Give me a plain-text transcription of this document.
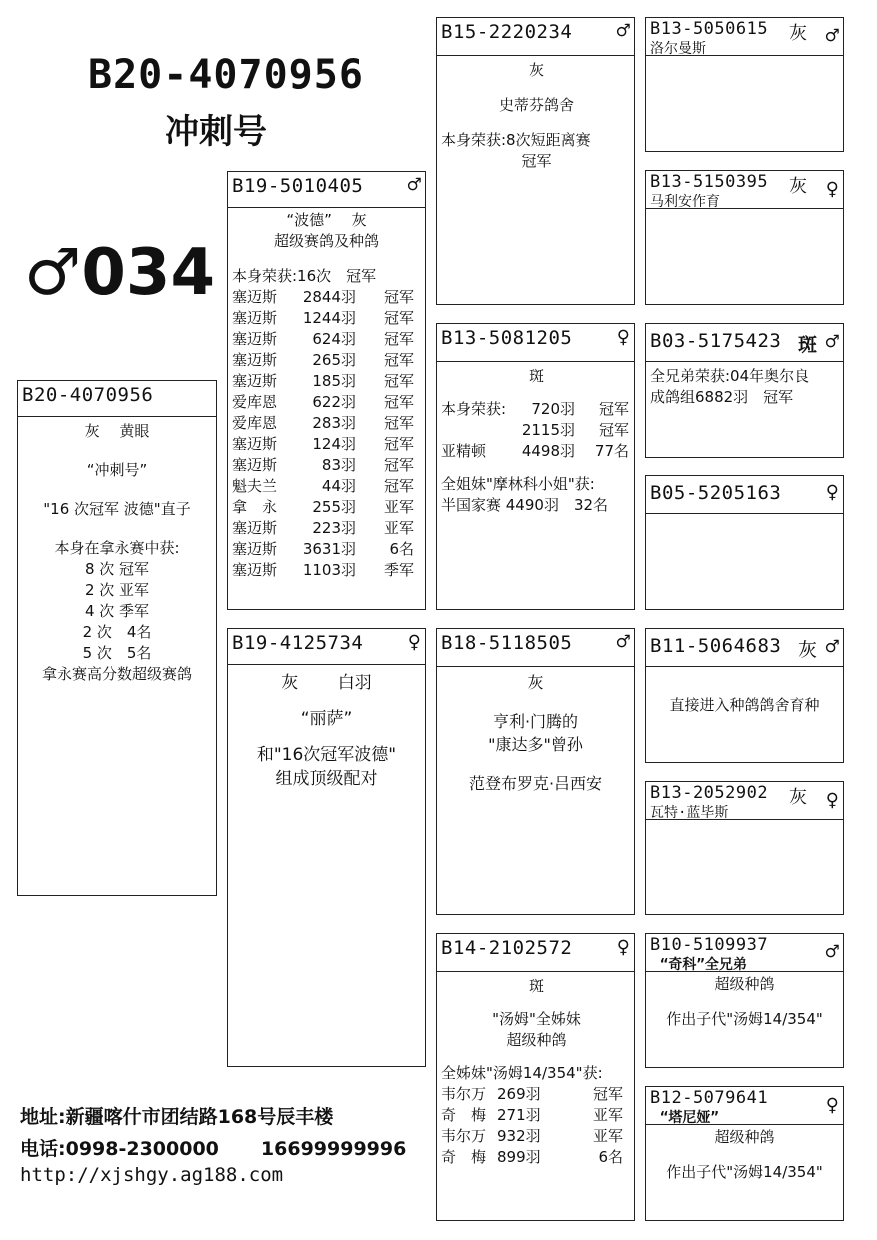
B20-4070956
冲刺号
♂034
B20-4070956
灰　 黄眼
“冲刺号”
"16 次冠军 波德"直子
本身在拿永赛中获:
8 次 冠军
2 次 亚军
4 次 季军
2 次　4名
5 次　5名
拿永赛高分数超级赛鸽
B19-5010405 ♂
“波德”　 灰
超级赛鸽及种鸽
本身荣获:16次　冠军
塞迈斯	2844羽	冠军
塞迈斯	1244羽	冠军
塞迈斯	624羽	冠军
塞迈斯	265羽	冠军
塞迈斯	185羽	冠军
爱库恩	622羽	冠军
爱库恩	283羽	冠军
塞迈斯	124羽	冠军
塞迈斯	83羽	冠军
魁夫兰	44羽	冠军
拿　永	255羽	亚军
塞迈斯	223羽	亚军
塞迈斯	3631羽	6名
塞迈斯	1103羽	季军
B19-4125734 ♀
灰　　 白羽
“丽萨”
和"16次冠军波德"
组成顶级配对
B15-2220234 ♂
灰
史蒂芬鸽舍
本身荣获:8次短距离赛
冠军
B13-5081205 ♀
斑
本身荣获:	720羽	冠军
2115羽	冠军
亚精顿	4498羽	77名
全姐妹"摩林科小姐"获:
半国家赛 4490羽　32名
B18-5118505 ♂
灰
亨利·门腾的
"康达多"曾孙
范登布罗克·吕西安
B14-2102572 ♀
斑
"汤姆"全姊妹
超级种鸽
全姊妹"汤姆14/354"获:
韦尔万 269羽	冠军
奇　梅 271羽	亚军
韦尔万 932羽	亚军
奇　梅 899羽	6名
B13-5050615 灰 ♂
洛尔曼斯
B13-5150395 灰 ♀
马利安作育
B03-5175423 斑 ♂
全兄弟荣获:04年奥尔良
成鸽组6882羽　冠军
B05-5205163 ♀
B11-5064683 灰 ♂
直接进入种鸽鸽舍育种
B13-2052902 灰 ♀
瓦特·蓝毕斯
B10-5109937	♂
“奇科”全兄弟
超级种鸽
作出子代"汤姆14/354"
B12-5079641	♀
“塔尼娅”
超级种鸽
作出子代"汤姆14/354"
地址:新疆喀什市团结路168号辰丰楼
电话:0998-2300000 16699999996
http://xjshgy.ag188.com
